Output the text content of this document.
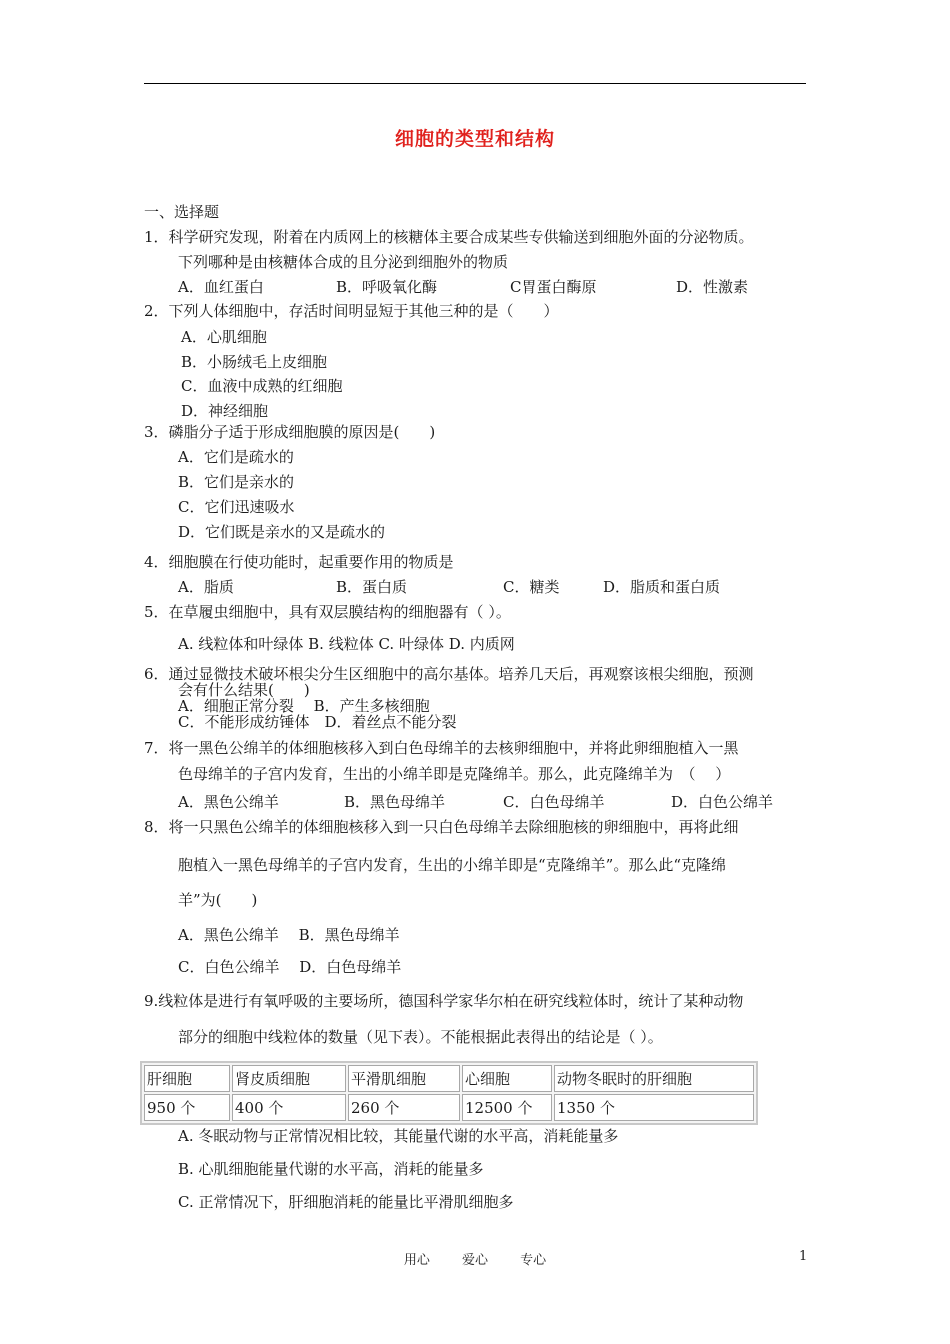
细胞的类型和结构
一、选择题
1．科学研究发现，附着在内质网上的核糖体主要合成某些专供输送到细胞外面的分泌物质。
下列哪种是由核糖体合成的且分泌到细胞外的物质
A．血红蛋白	B．呼吸氧化酶	C胃蛋白酶原	D．性激素
2．下列人体细胞中，存活时间明显短于其他三种的是（　　）
A．心肌细胞
B．小肠绒毛上皮细胞
C．血液中成熟的红细胞
D．神经细胞
3．磷脂分子适于形成细胞膜的原因是(　　)
A．它们是疏水的
B．它们是亲水的
C．它们迅速吸水
D．它们既是亲水的又是疏水的
4．细胞膜在行使功能时，起重要作用的物质是
A．脂质	B．蛋白质	C．糖类	D．脂质和蛋白质
5．在草履虫细胞中，具有双层膜结构的细胞器有（ ）。
A. 线粒体和叶绿体 B. 线粒体 C. 叶绿体 D. 内质网
6．通过显微技术破坏根尖分生区细胞中的高尔基体。培养几天后，再观察该根尖细胞，预测
会有什么结果(　　)
A．细胞正常分裂　 B．产生多核细胞
C．不能形成纺锤体　D．着丝点不能分裂
7．将一黑色公绵羊的体细胞核移入到白色母绵羊的去核卵细胞中，并将此卵细胞植入一黑
色母绵羊的子宫内发育，生出的小绵羊即是克隆绵羊。那么，此克隆绵羊为　（　 ）
A．黑色公绵羊	B．黑色母绵羊	C．白色母绵羊	D．白色公绵羊
8．将一只黑色公绵羊的体细胞核移入到一只白色母绵羊去除细胞核的卵细胞中，再将此细
胞植入一黑色母绵羊的子宫内发育，生出的小绵羊即是“克隆绵羊”。那么此“克隆绵
羊”为(　　)
A．黑色公绵羊　 B．黑色母绵羊
C．白色公绵羊　 D．白色母绵羊
9.线粒体是进行有氧呼吸的主要场所，德国科学家华尔柏在研究线粒体时，统计了某种动物
部分的细胞中线粒体的数量（见下表）。不能根据此表得出的结论是（ ）。
肝细胞	肾皮质细胞	平滑肌细胞	心细胞	动物冬眠时的肝细胞
950 个	400 个	260 个	12500 个	1350 个
A. 冬眠动物与正常情况相比较，其能量代谢的水平高，消耗能量多
B. 心肌细胞能量代谢的水平高，消耗的能量多
C. 正常情况下，肝细胞消耗的能量比平滑肌细胞多
用心 爱心 专心	1
